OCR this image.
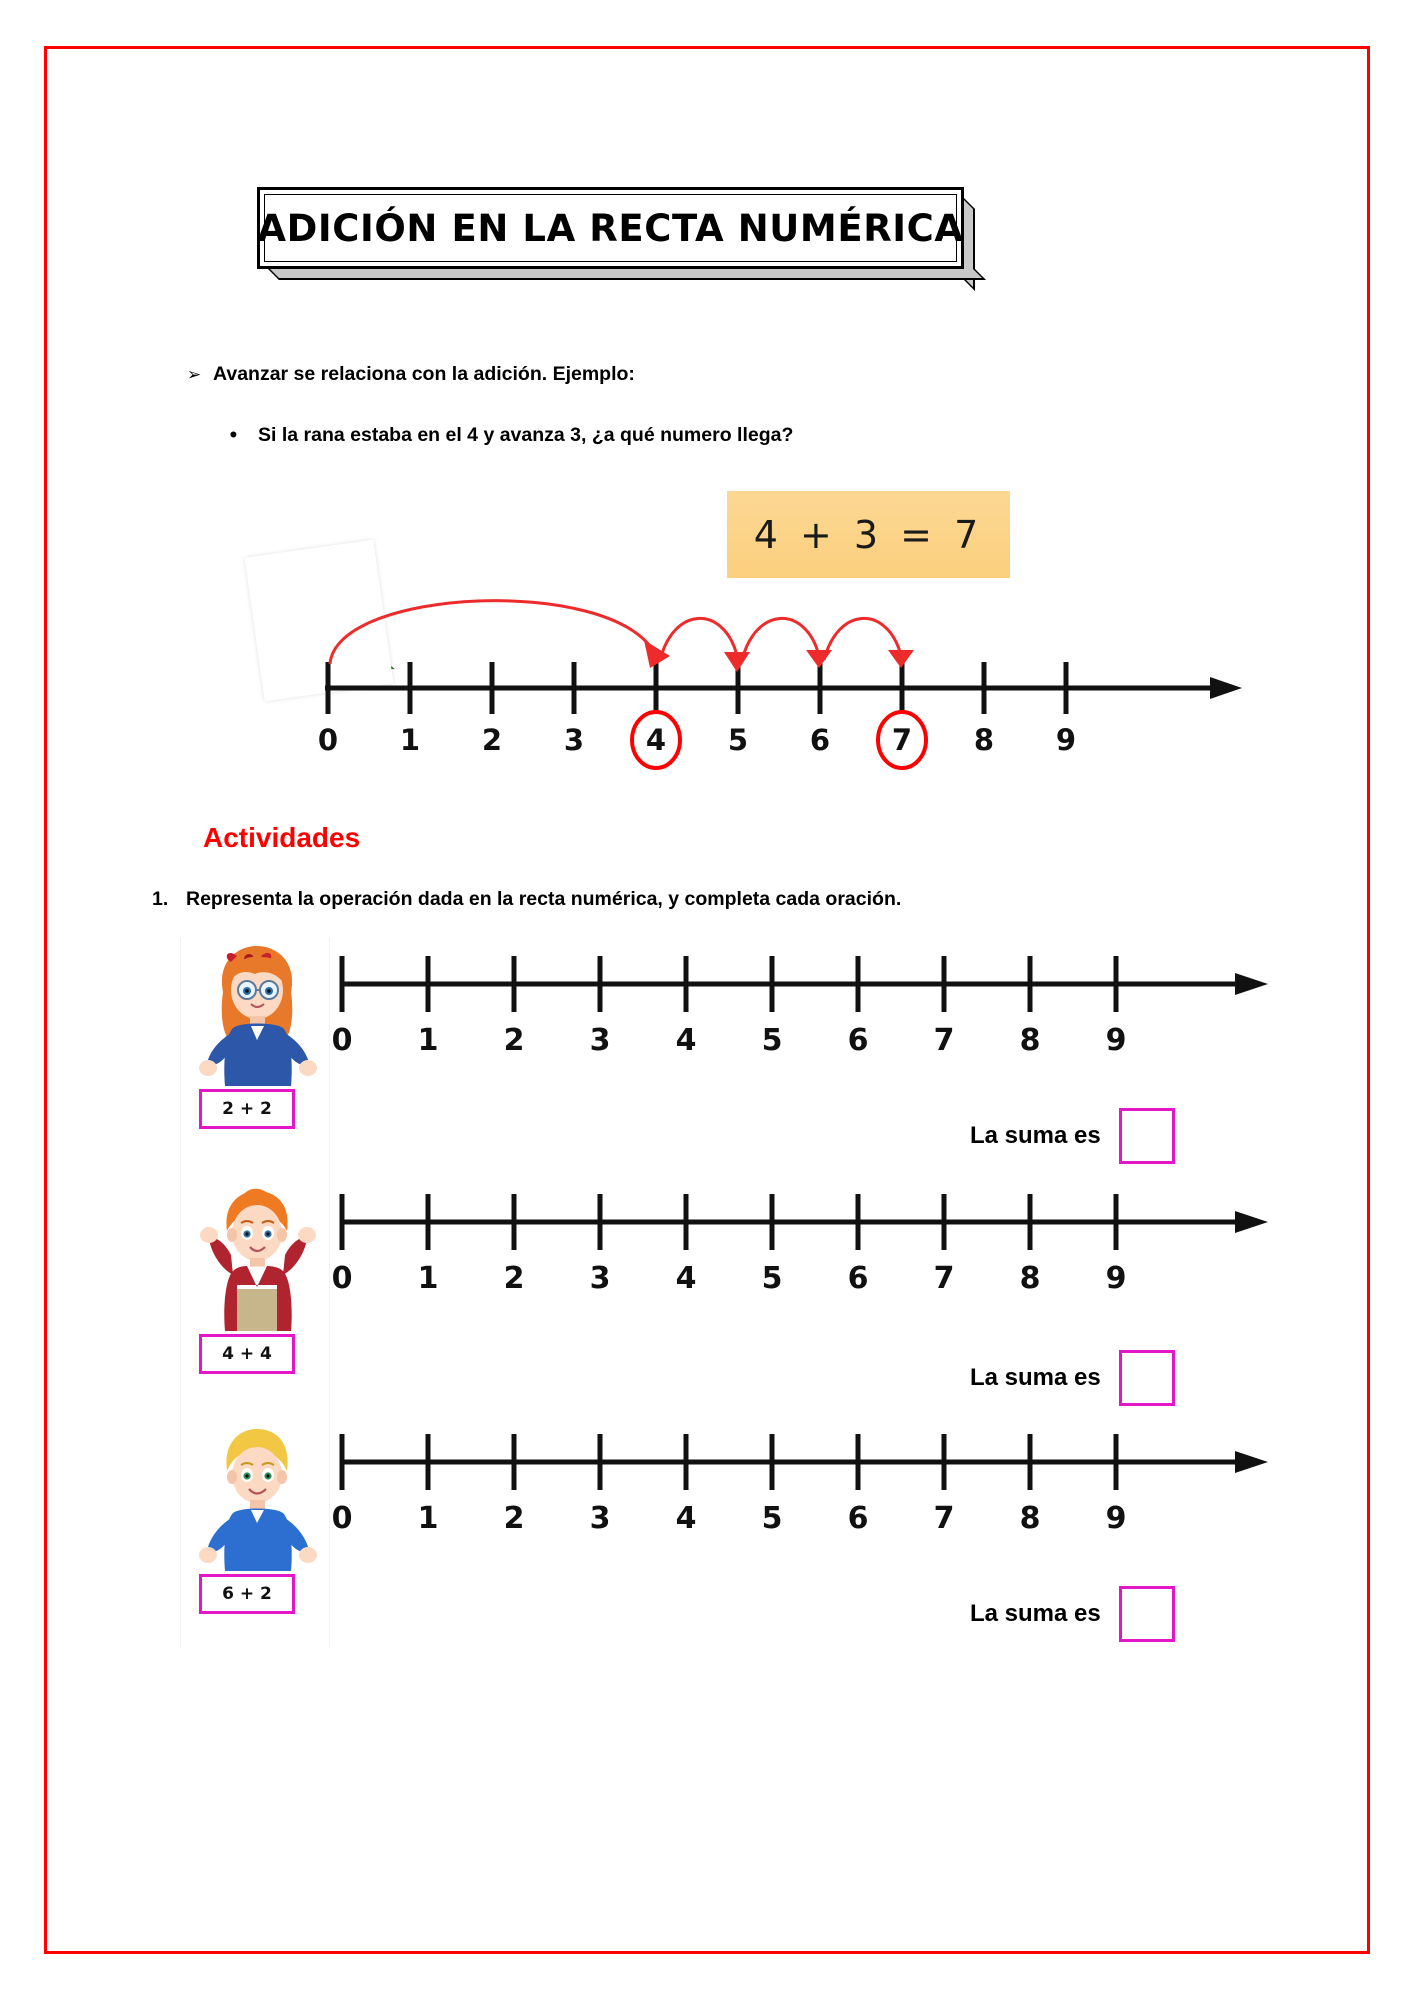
ADICIÓN EN LA RECTA NUMÉRICA
➢ Avanzar se relaciona con la adición. Ejemplo:
• Si la rana estaba en el 4 y avanza 3, ¿a qué numero llega?
4 + 3 = 7
0 1 2 3 4 5 6 7 8 9
Actividades
1. Representa la operación dada en la recta numérica, y completa cada oración.
2 + 2
4 + 4
6 + 2
0 1 2 3 4 5 6 7 8 9
La suma es
0 1 2 3 4 5 6 7 8 9
La suma es
0 1 2 3 4 5 6 7 8 9
La suma es
